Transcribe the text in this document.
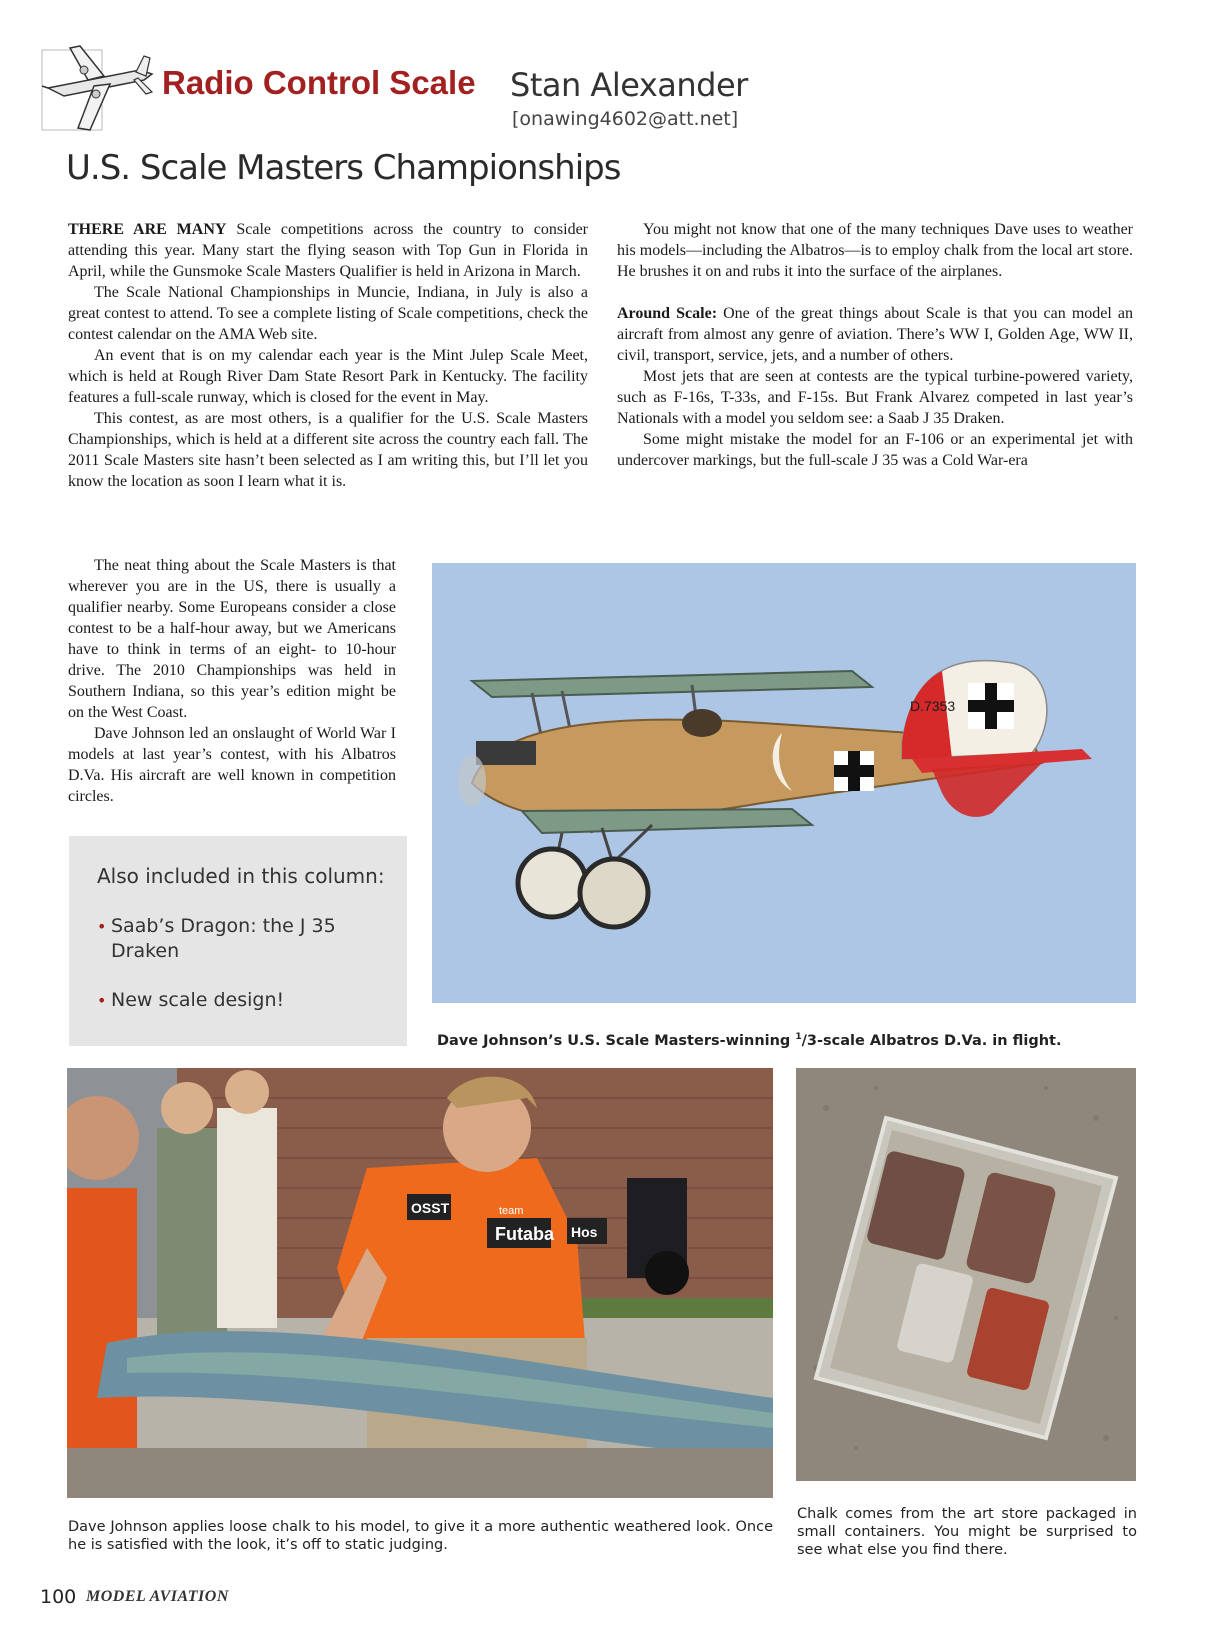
Radio Control Scale Stan Alexander
[onawing4602@att.net]
U.S. Scale Masters Championships

THERE ARE MANY Scale competitions across the country to consider attending this year. Many start the flying season with Top Gun in Florida in April, while the Gunsmoke Scale Masters Qualifier is held in Arizona in March.

The Scale National Championships in Muncie, Indiana, in July is also a great contest to attend. To see a complete listing of Scale competitions, check the contest calendar on the AMA Web site.

An event that is on my calendar each year is the Mint Julep Scale Meet, which is held at Rough River Dam State Resort Park in Kentucky. The facility features a full-scale runway, which is closed for the event in May.

This contest, as are most others, is a qualifier for the U.S. Scale Masters Championships, which is held at a different site across the country each fall. The 2011 Scale Masters site hasn’t been selected as I am writing this, but I’ll let you know the location as soon I learn what it is.

The neat thing about the Scale Masters is that wherever you are in the US, there is usually a qualifier nearby. Some Europeans consider a close contest to be a half-hour away, but we Americans have to think in terms of an eight- to 10-hour drive. The 2010 Championships was held in Southern Indiana, so this year’s edition might be on the West Coast.

Dave Johnson led an onslaught of World War I models at last year’s contest, with his Albatros D.Va. His aircraft are well known in competition circles.

You might not know that one of the many techniques Dave uses to weather his models—including the Albatros—is to employ chalk from the local art store. He brushes it on and rubs it into the surface of the airplanes.

Around Scale: One of the great things about Scale is that you can model an aircraft from almost any genre of aviation. There’s WW I, Golden Age, WW II, civil, transport, service, jets, and a number of others.

Most jets that are seen at contests are the typical turbine-powered variety, such as F-16s, T-33s, and F-15s. But Frank Alvarez competed in last year’s Nationals with a model you seldom see: a Saab J 35 Draken.

Some might mistake the model for an F-106 or an experimental jet with undercover markings, but the full-scale J 35 was a Cold War-era

Also included in this column:
• Saab’s Dragon: the J 35 Draken
• New scale design!
D.7353
Dave Johnson’s U.S. Scale Masters-winning $^1$/3-scale Albatros D.Va. in flight.
Futaba
team
OSST
Hos
Dave Johnson applies loose chalk to his model, to give it a more authentic weathered look. Once he is satisfied with the look, it’s off to static judging.
Chalk comes from the art store packaged in small containers. You might be surprised to see what else you find there.
100 MODEL AVIATION
